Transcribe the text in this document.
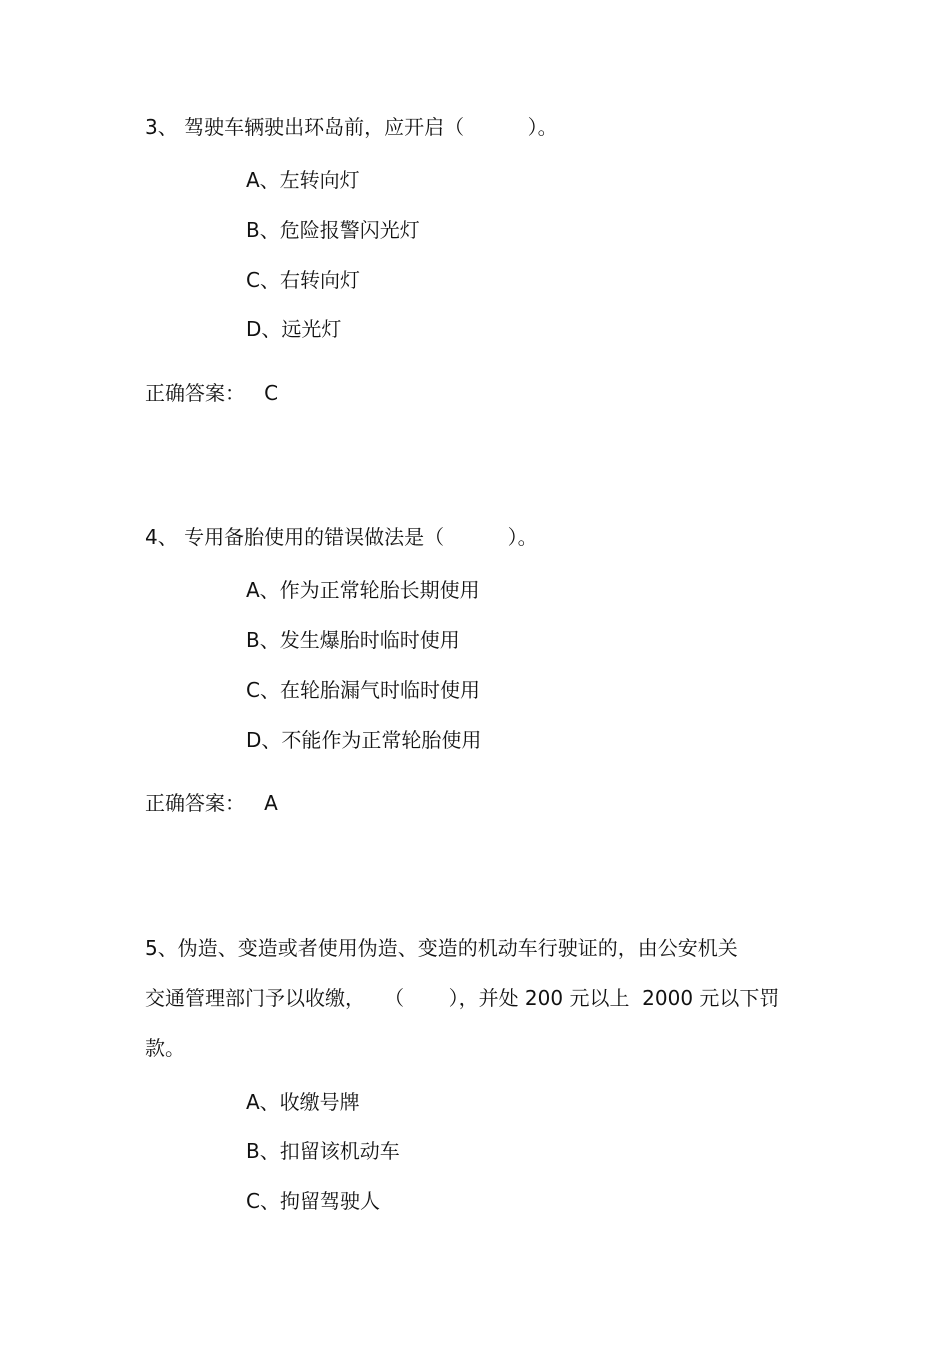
3、 驾驶车辆驶出环岛前，应开启（          ）。
A、左转向灯
B、危险报警闪光灯
C、右转向灯
D、远光灯
正确答案：   C
4、 专用备胎使用的错误做法是（          ）。
A、作为正常轮胎长期使用
B、发生爆胎时临时使用
C、在轮胎漏气时临时使用
D、不能作为正常轮胎使用
正确答案：   A
5、伪造、变造或者使用伪造、变造的机动车行驶证的，由公安机关
交通管理部门予以收缴，   （       ），并处 200 元以上  2000 元以下罚
款。
A、收缴号牌
B、扣留该机动车
C、拘留驾驶人
